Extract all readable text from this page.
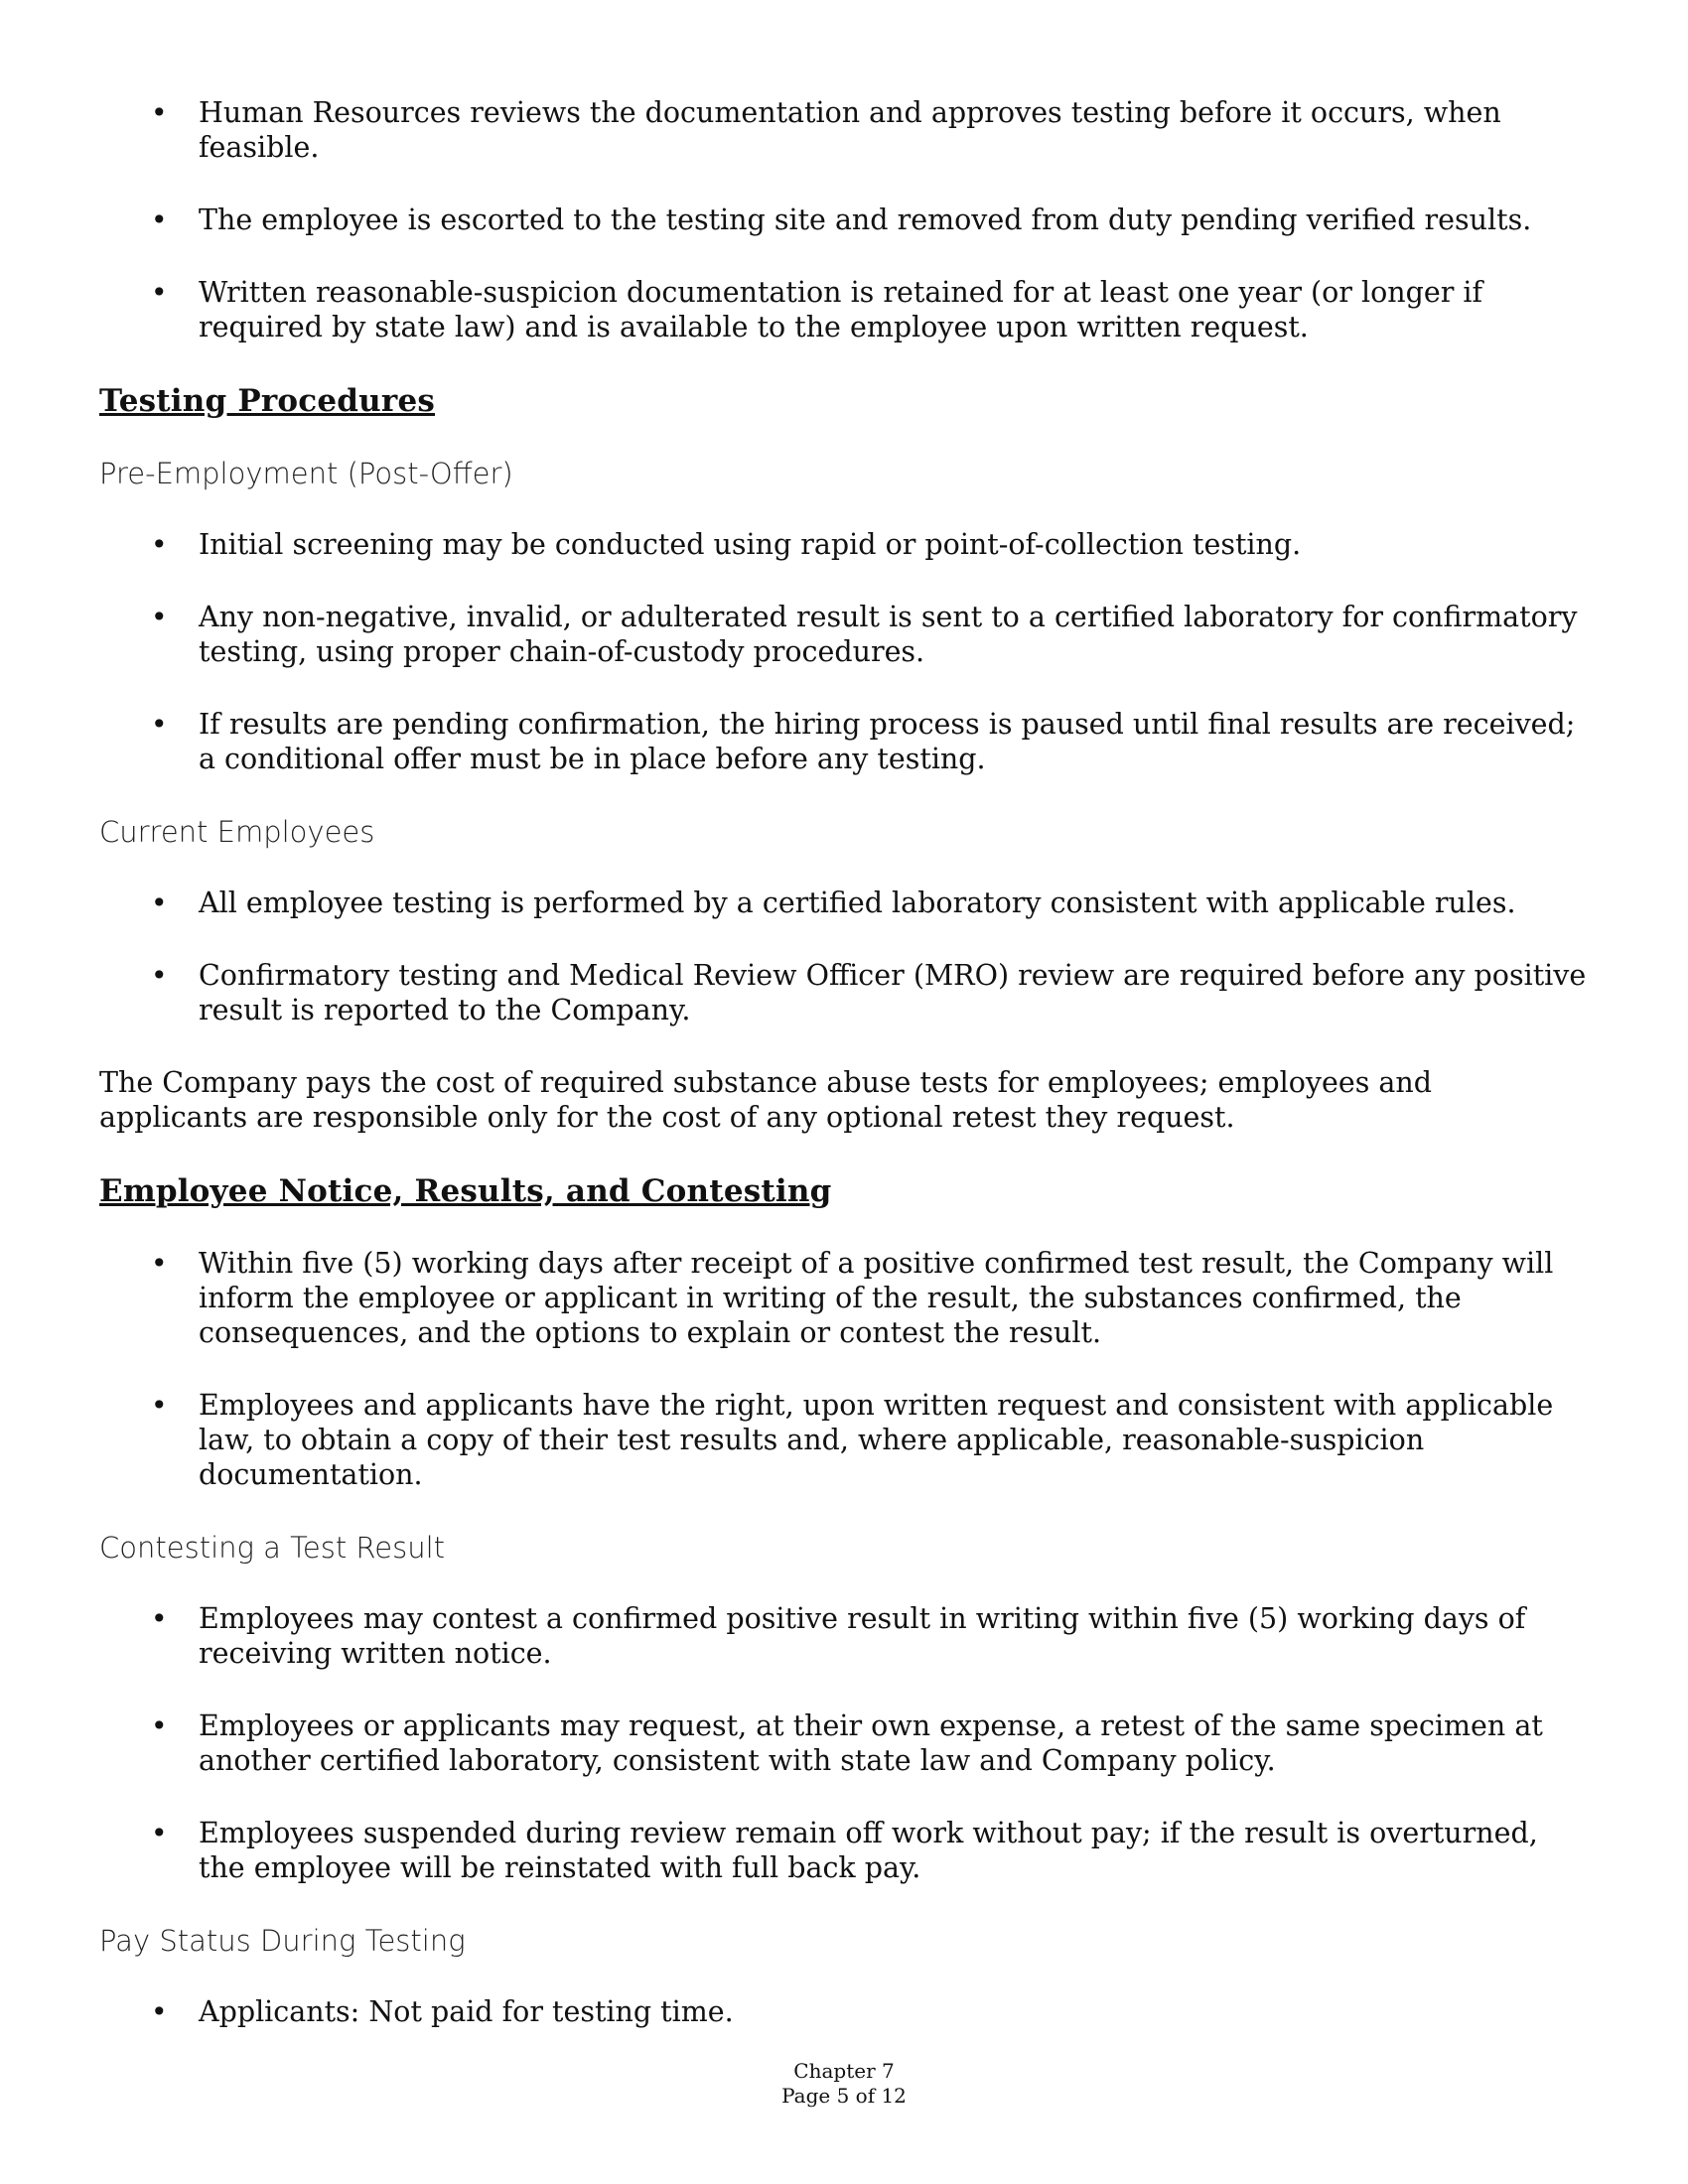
• Human Resources reviews the documentation and approves testing before it occurs, when feasible.
• The employee is escorted to the testing site and removed from duty pending verified results.
• Written reasonable-suspicion documentation is retained for at least one year (or longer if required by state law) and is available to the employee upon written request.
Testing Procedures
Pre-Employment (Post-Offer)
• Initial screening may be conducted using rapid or point-of-collection testing.
• Any non-negative, invalid, or adulterated result is sent to a certified laboratory for confirmatory testing, using proper chain-of-custody procedures.
• If results are pending confirmation, the hiring process is paused until final results are received; a conditional offer must be in place before any testing.
Current Employees
• All employee testing is performed by a certified laboratory consistent with applicable rules.
• Confirmatory testing and Medical Review Officer (MRO) review are required before any positive result is reported to the Company.

The Company pays the cost of required substance abuse tests for employees; employees and applicants are responsible only for the cost of any optional retest they request.

Employee Notice, Results, and Contesting
• Within five (5) working days after receipt of a positive confirmed test result, the Company will inform the employee or applicant in writing of the result, the substances confirmed, the consequences, and the options to explain or contest the result.
• Employees and applicants have the right, upon written request and consistent with applicable law, to obtain a copy of their test results and, where applicable, reasonable-suspicion documentation.
Contesting a Test Result
• Employees may contest a confirmed positive result in writing within five (5) working days of receiving written notice.
• Employees or applicants may request, at their own expense, a retest of the same specimen at another certified laboratory, consistent with state law and Company policy.
• Employees suspended during review remain off work without pay; if the result is overturned, the employee will be reinstated with full back pay.
Pay Status During Testing
• Applicants: Not paid for testing time.
Chapter 7
Page 5 of 12
